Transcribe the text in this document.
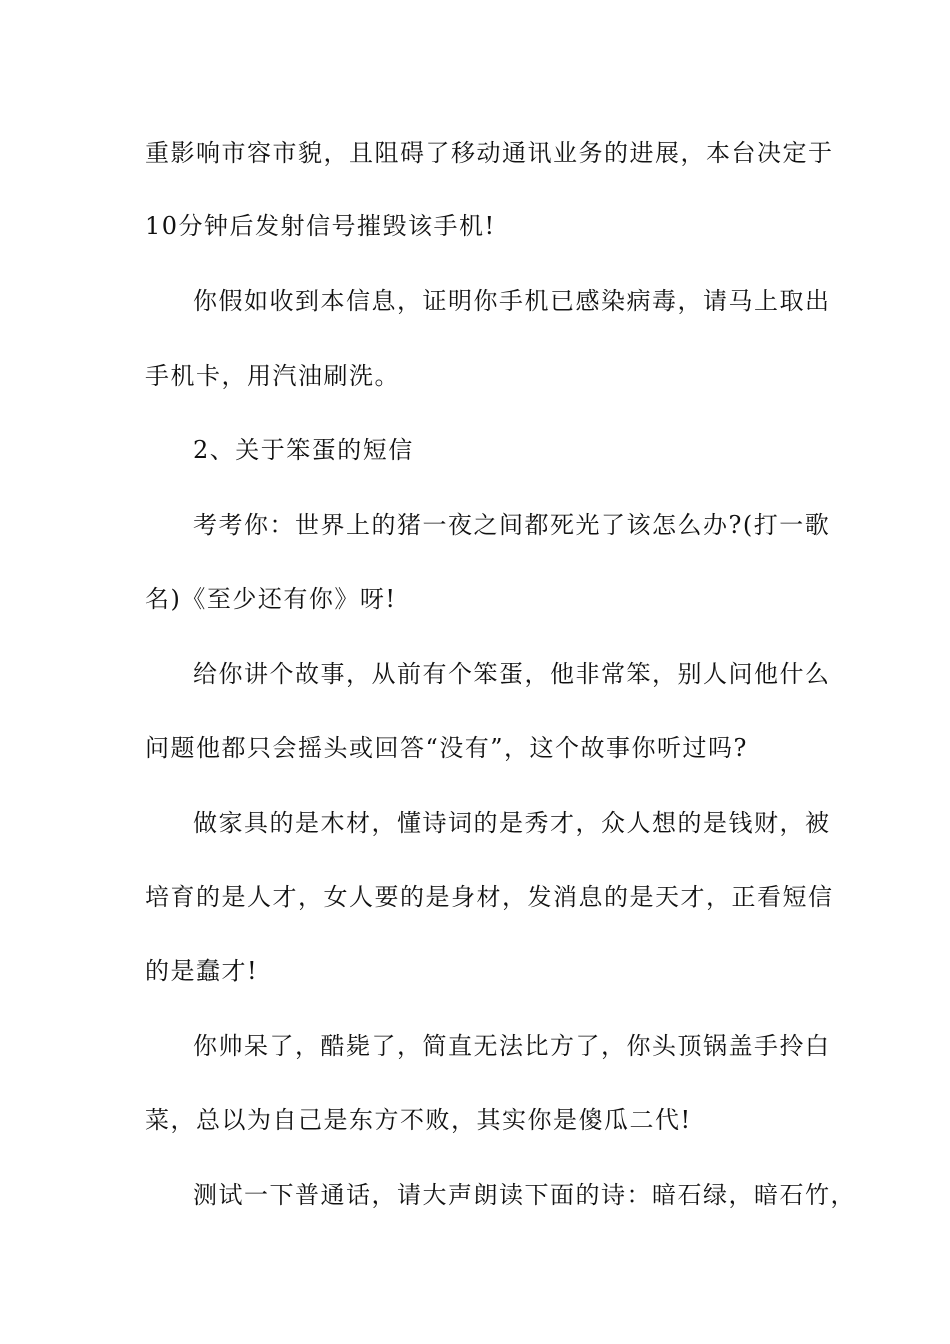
重影响市容市貌，且阻碍了移动通讯业务的进展，本台决定于
10分钟后发射信号摧毁该手机!
你假如收到本信息，证明你手机已感染病毒，请马上取出
手机卡，用汽油刷洗。
2、关于笨蛋的短信
考考你：世界上的猪一夜之间都死光了该怎么办?(打一歌
名)《至少还有你》呀!
给你讲个故事，从前有个笨蛋，他非常笨，别人问他什么
问题他都只会摇头或回答“没有”，这个故事你听过吗?
做家具的是木材，懂诗词的是秀才，众人想的是钱财，被
培育的是人才，女人要的是身材，发消息的是天才，正看短信
的是蠢才!
你帅呆了，酷毙了，简直无法比方了，你头顶锅盖手拎白
菜，总以为自己是东方不败，其实你是傻瓜二代!
测试一下普通话，请大声朗读下面的诗：暗石绿，暗石竹，
